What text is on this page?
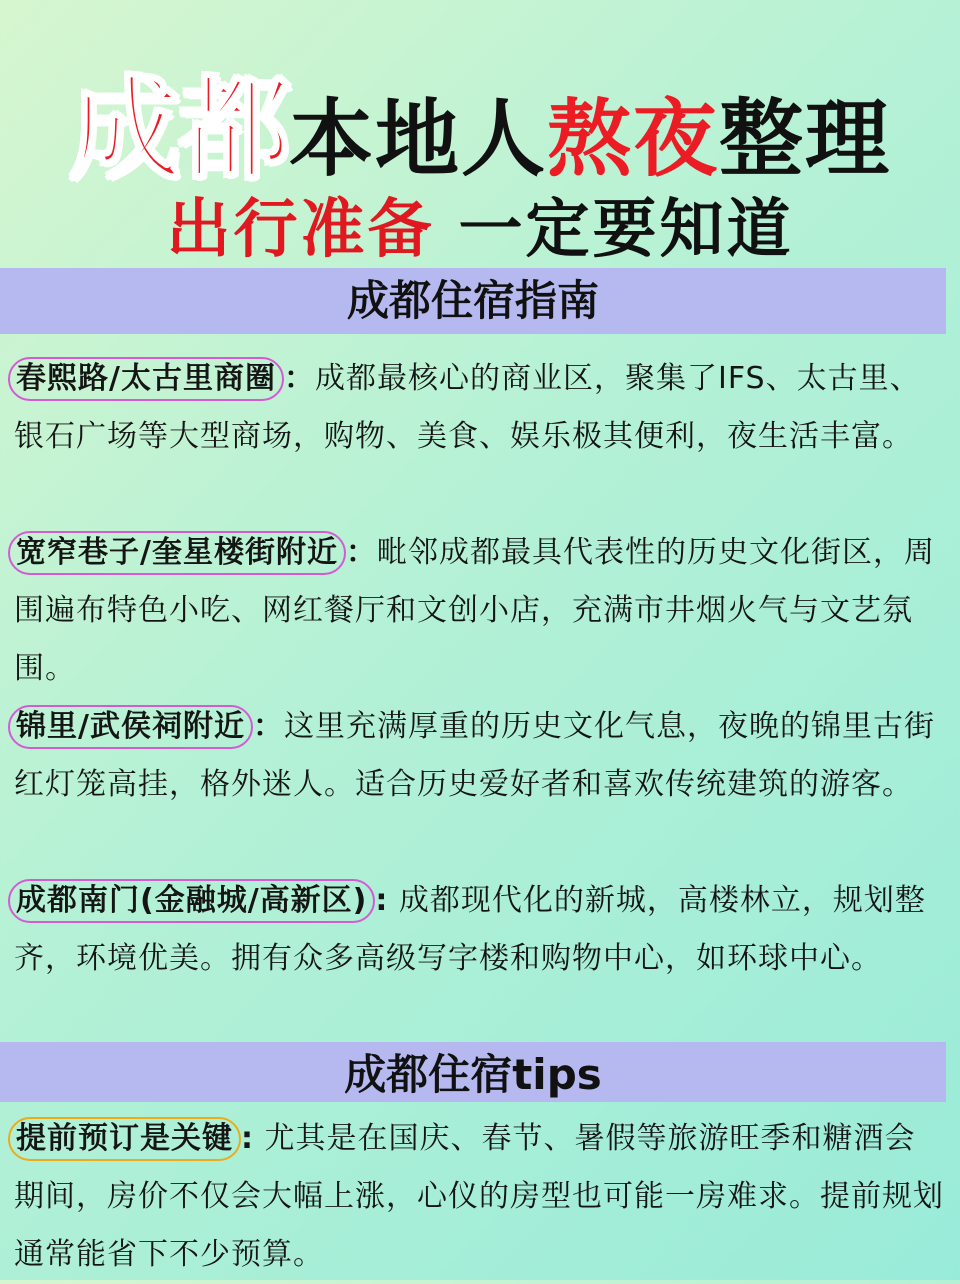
成都本地人熬夜整理
出行准备 一定要知道
成都住宿指南
春熙路/太古里商圈 ：成都最核心的商业区，聚集了IFS、太古里、银石广场等大型商场，购物、美食、娱乐极其便利，夜生活丰富。
宽窄巷子/奎星楼街附近 ：毗邻成都最具代表性的历史文化街区，周围遍布特色小吃、网红餐厅和文创小店，充满市井烟火气与文艺氛围。
锦里/武侯祠附近 ：这里充满厚重的历史文化气息，夜晚的锦里古街红灯笼高挂，格外迷人。适合历史爱好者和喜欢传统建筑的游客。
成都南门(金融城/高新区) : 成都现代化的新城，高楼林立，规划整齐，环境优美。拥有众多高级写字楼和购物中心，如环球中心。
成都住宿tips
提前预订是关键 : 尤其是在国庆、春节、暑假等旅游旺季和糖酒会期间，房价不仅会大幅上涨，心仪的房型也可能一房难求。提前规划通常能省下不少预算。
